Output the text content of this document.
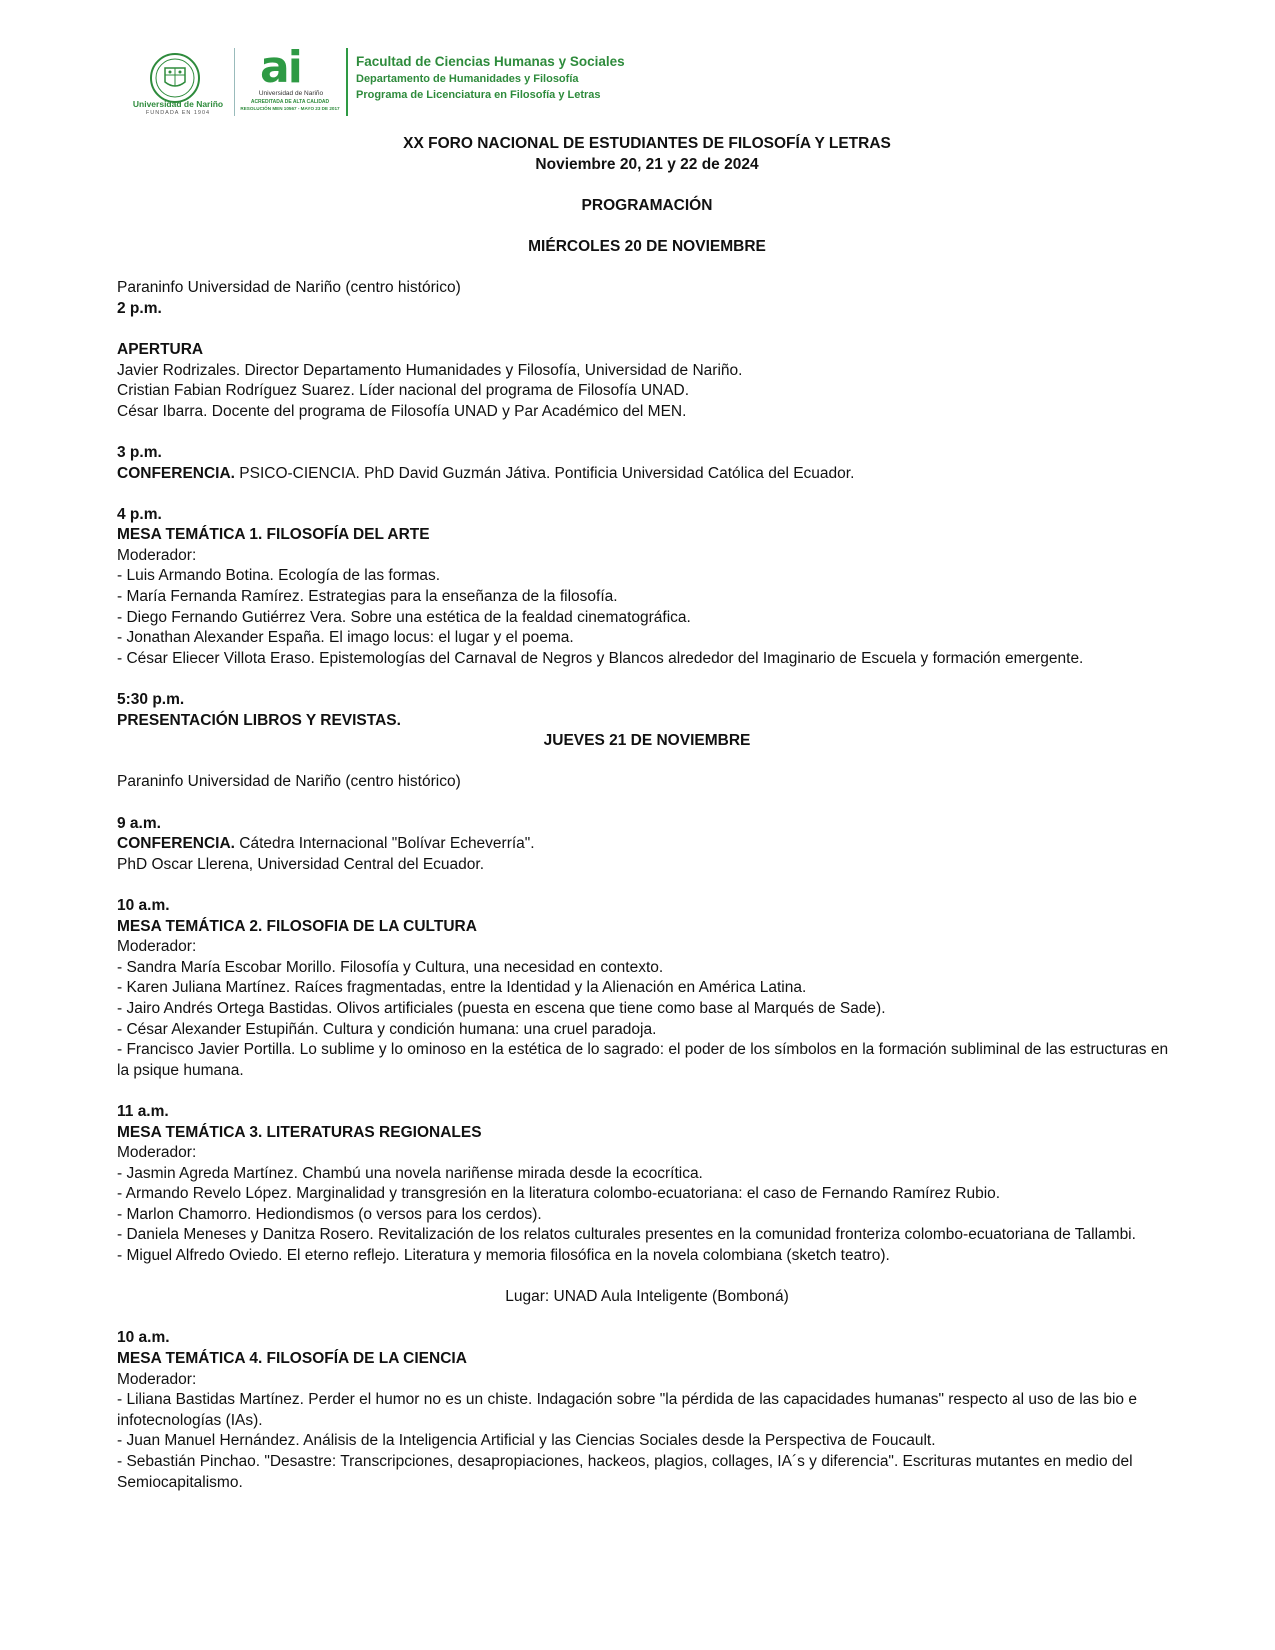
Universidad de Nariño
FUNDADA EN 1904
ai
Universidad de Nariño
ACREDITADA DE ALTA CALIDAD
RESOLUCIÓN MEN 10567 - MAYO 23 DE 2017
Facultad de Ciencias Humanas y Sociales
Departamento de Humanidades y Filosofía
Programa de Licenciatura en Filosofía y Letras

XX FORO NACIONAL DE ESTUDIANTES DE FILOSOFÍA Y LETRAS

Noviembre 20, 21 y 22 de 2024

PROGRAMACIÓN

MIÉRCOLES 20 DE NOVIEMBRE

Paraninfo Universidad de Nariño (centro histórico)

2 p.m.

APERTURA

Javier Rodrizales. Director Departamento Humanidades y Filosofía, Universidad de Nariño.

Cristian Fabian Rodríguez Suarez. Líder nacional del programa de Filosofía UNAD.

César Ibarra. Docente del programa de Filosofía UNAD y Par Académico del MEN.

3 p.m.

CONFERENCIA. PSICO-CIENCIA. PhD David Guzmán Játiva. Pontificia Universidad Católica del Ecuador.

4 p.m.

MESA TEMÁTICA 1. FILOSOFÍA DEL ARTE

Moderador:

- Luis Armando Botina. Ecología de las formas.

- María Fernanda Ramírez. Estrategias para la enseñanza de la filosofía.

- Diego Fernando Gutiérrez Vera. Sobre una estética de la fealdad cinematográfica.

- Jonathan Alexander España. El imago locus: el lugar y el poema.

- César Eliecer Villota Eraso. Epistemologías del Carnaval de Negros y Blancos alrededor del Imaginario de Escuela y formación emergente.

5:30 p.m.

PRESENTACIÓN LIBROS Y REVISTAS.

JUEVES 21 DE NOVIEMBRE

Paraninfo Universidad de Nariño (centro histórico)

9 a.m.

CONFERENCIA. Cátedra Internacional "Bolívar Echeverría".

PhD Oscar Llerena, Universidad Central del Ecuador.

10 a.m.

MESA TEMÁTICA 2. FILOSOFIA DE LA CULTURA

Moderador:

- Sandra María Escobar Morillo. Filosofía y Cultura, una necesidad en contexto.

- Karen Juliana Martínez. Raíces fragmentadas, entre la Identidad y la Alienación en América Latina.

- Jairo Andrés Ortega Bastidas. Olivos artificiales (puesta en escena que tiene como base al Marqués de Sade).

- César Alexander Estupiñán. Cultura y condición humana: una cruel paradoja.

- Francisco Javier Portilla. Lo sublime y lo ominoso en la estética de lo sagrado: el poder de los símbolos en la formación subliminal de las estructuras en la psique humana.

11 a.m.

MESA TEMÁTICA 3. LITERATURAS REGIONALES

Moderador:

- Jasmin Agreda Martínez. Chambú una novela nariñense mirada desde la ecocrítica.

- Armando Revelo López. Marginalidad y transgresión en la literatura colombo-ecuatoriana: el caso de Fernando Ramírez Rubio.

- Marlon Chamorro. Hediondismos (o versos para los cerdos).

- Daniela Meneses y Danitza Rosero. Revitalización de los relatos culturales presentes en la comunidad fronteriza colombo-ecuatoriana de Tallambi.

- Miguel Alfredo Oviedo. El eterno reflejo. Literatura y memoria filosófica en la novela colombiana (sketch teatro).

Lugar: UNAD Aula Inteligente (Bomboná)

10 a.m.

MESA TEMÁTICA 4. FILOSOFÍA DE LA CIENCIA

Moderador:

- Liliana Bastidas Martínez. Perder el humor no es un chiste. Indagación sobre "la pérdida de las capacidades humanas" respecto al uso de las bio e infotecnologías (IAs).

- Juan Manuel Hernández. Análisis de la Inteligencia Artificial y las Ciencias Sociales desde la Perspectiva de Foucault.

- Sebastián Pinchao. "Desastre: Transcripciones, desapropiaciones, hackeos, plagios, collages, IA´s y diferencia". Escrituras mutantes en medio del Semiocapitalismo.
